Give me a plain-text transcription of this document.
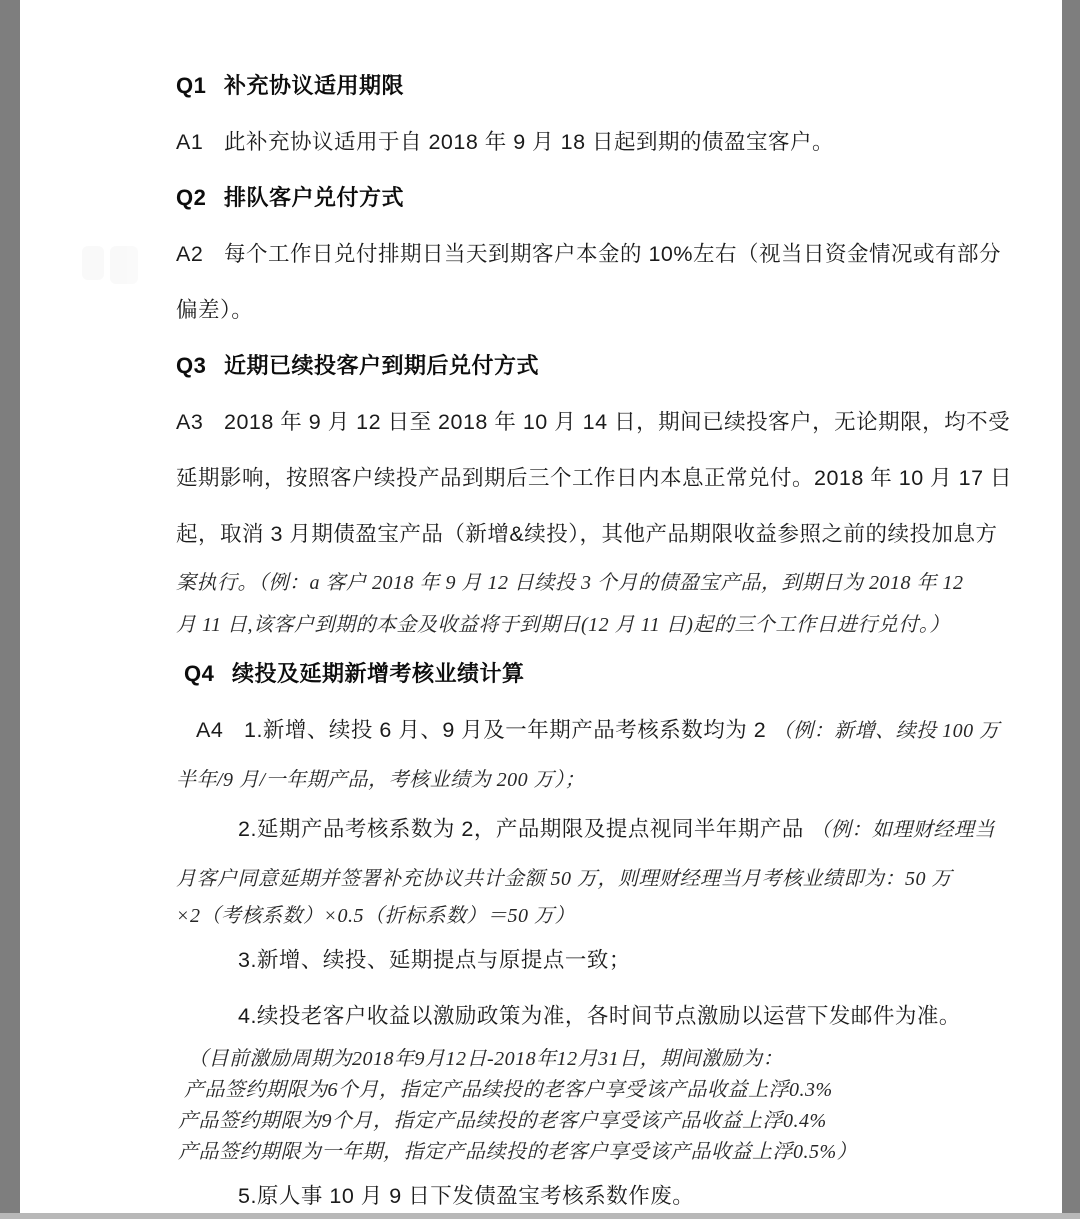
Q1 补充协议适用期限
A1 此补充协议适用于自 2018 年 9 月 18 日起到期的债盈宝客户。
Q2 排队客户兑付方式
A2 每个工作日兑付排期日当天到期客户本金的 10%左右（视当日资金情况或有部分
偏差）。
Q3 近期已续投客户到期后兑付方式
A3 2018 年 9 月 12 日至 2018 年 10 月 14 日，期间已续投客户，无论期限，均不受
延期影响，按照客户续投产品到期后三个工作日内本息正常兑付。2018 年 10 月 17 日
起，取消 3 月期债盈宝产品（新增&续投），其他产品期限收益参照之前的续投加息方
案执行。（例：a 客户 2018 年 9 月 12 日续投 3 个月的债盈宝产品，到期日为 2018 年 12
月 11 日,该客户到期的本金及收益将于到期日(12 月 11 日)起的三个工作日进行兑付。）
Q4 续投及延期新增考核业绩计算
A4 1.新增、续投 6 月、9 月及一年期产品考核系数均为 2 （例：新增、续投 100 万
半年/9 月/一年期产品，考核业绩为 200 万）；
2.延期产品考核系数为 2，产品期限及提点视同半年期产品 （例：如理财经理当
月客户同意延期并签署补充协议共计金额 50 万，则理财经理当月考核业绩即为：50 万
×2（考核系数）×0.5（折标系数）＝50 万）
3.新增、续投、延期提点与原提点一致；
4.续投老客户收益以激励政策为准，各时间节点激励以运营下发邮件为准。
（目前激励周期为2018年9月12日-2018年12月31日，期间激励为：
产品签约期限为6个月，指定产品续投的老客户享受该产品收益上浮0.3%
产品签约期限为9个月，指定产品续投的老客户享受该产品收益上浮0.4%
产品签约期限为一年期，指定产品续投的老客户享受该产品收益上浮0.5%）
5.原人事 10 月 9 日下发债盈宝考核系数作废。
